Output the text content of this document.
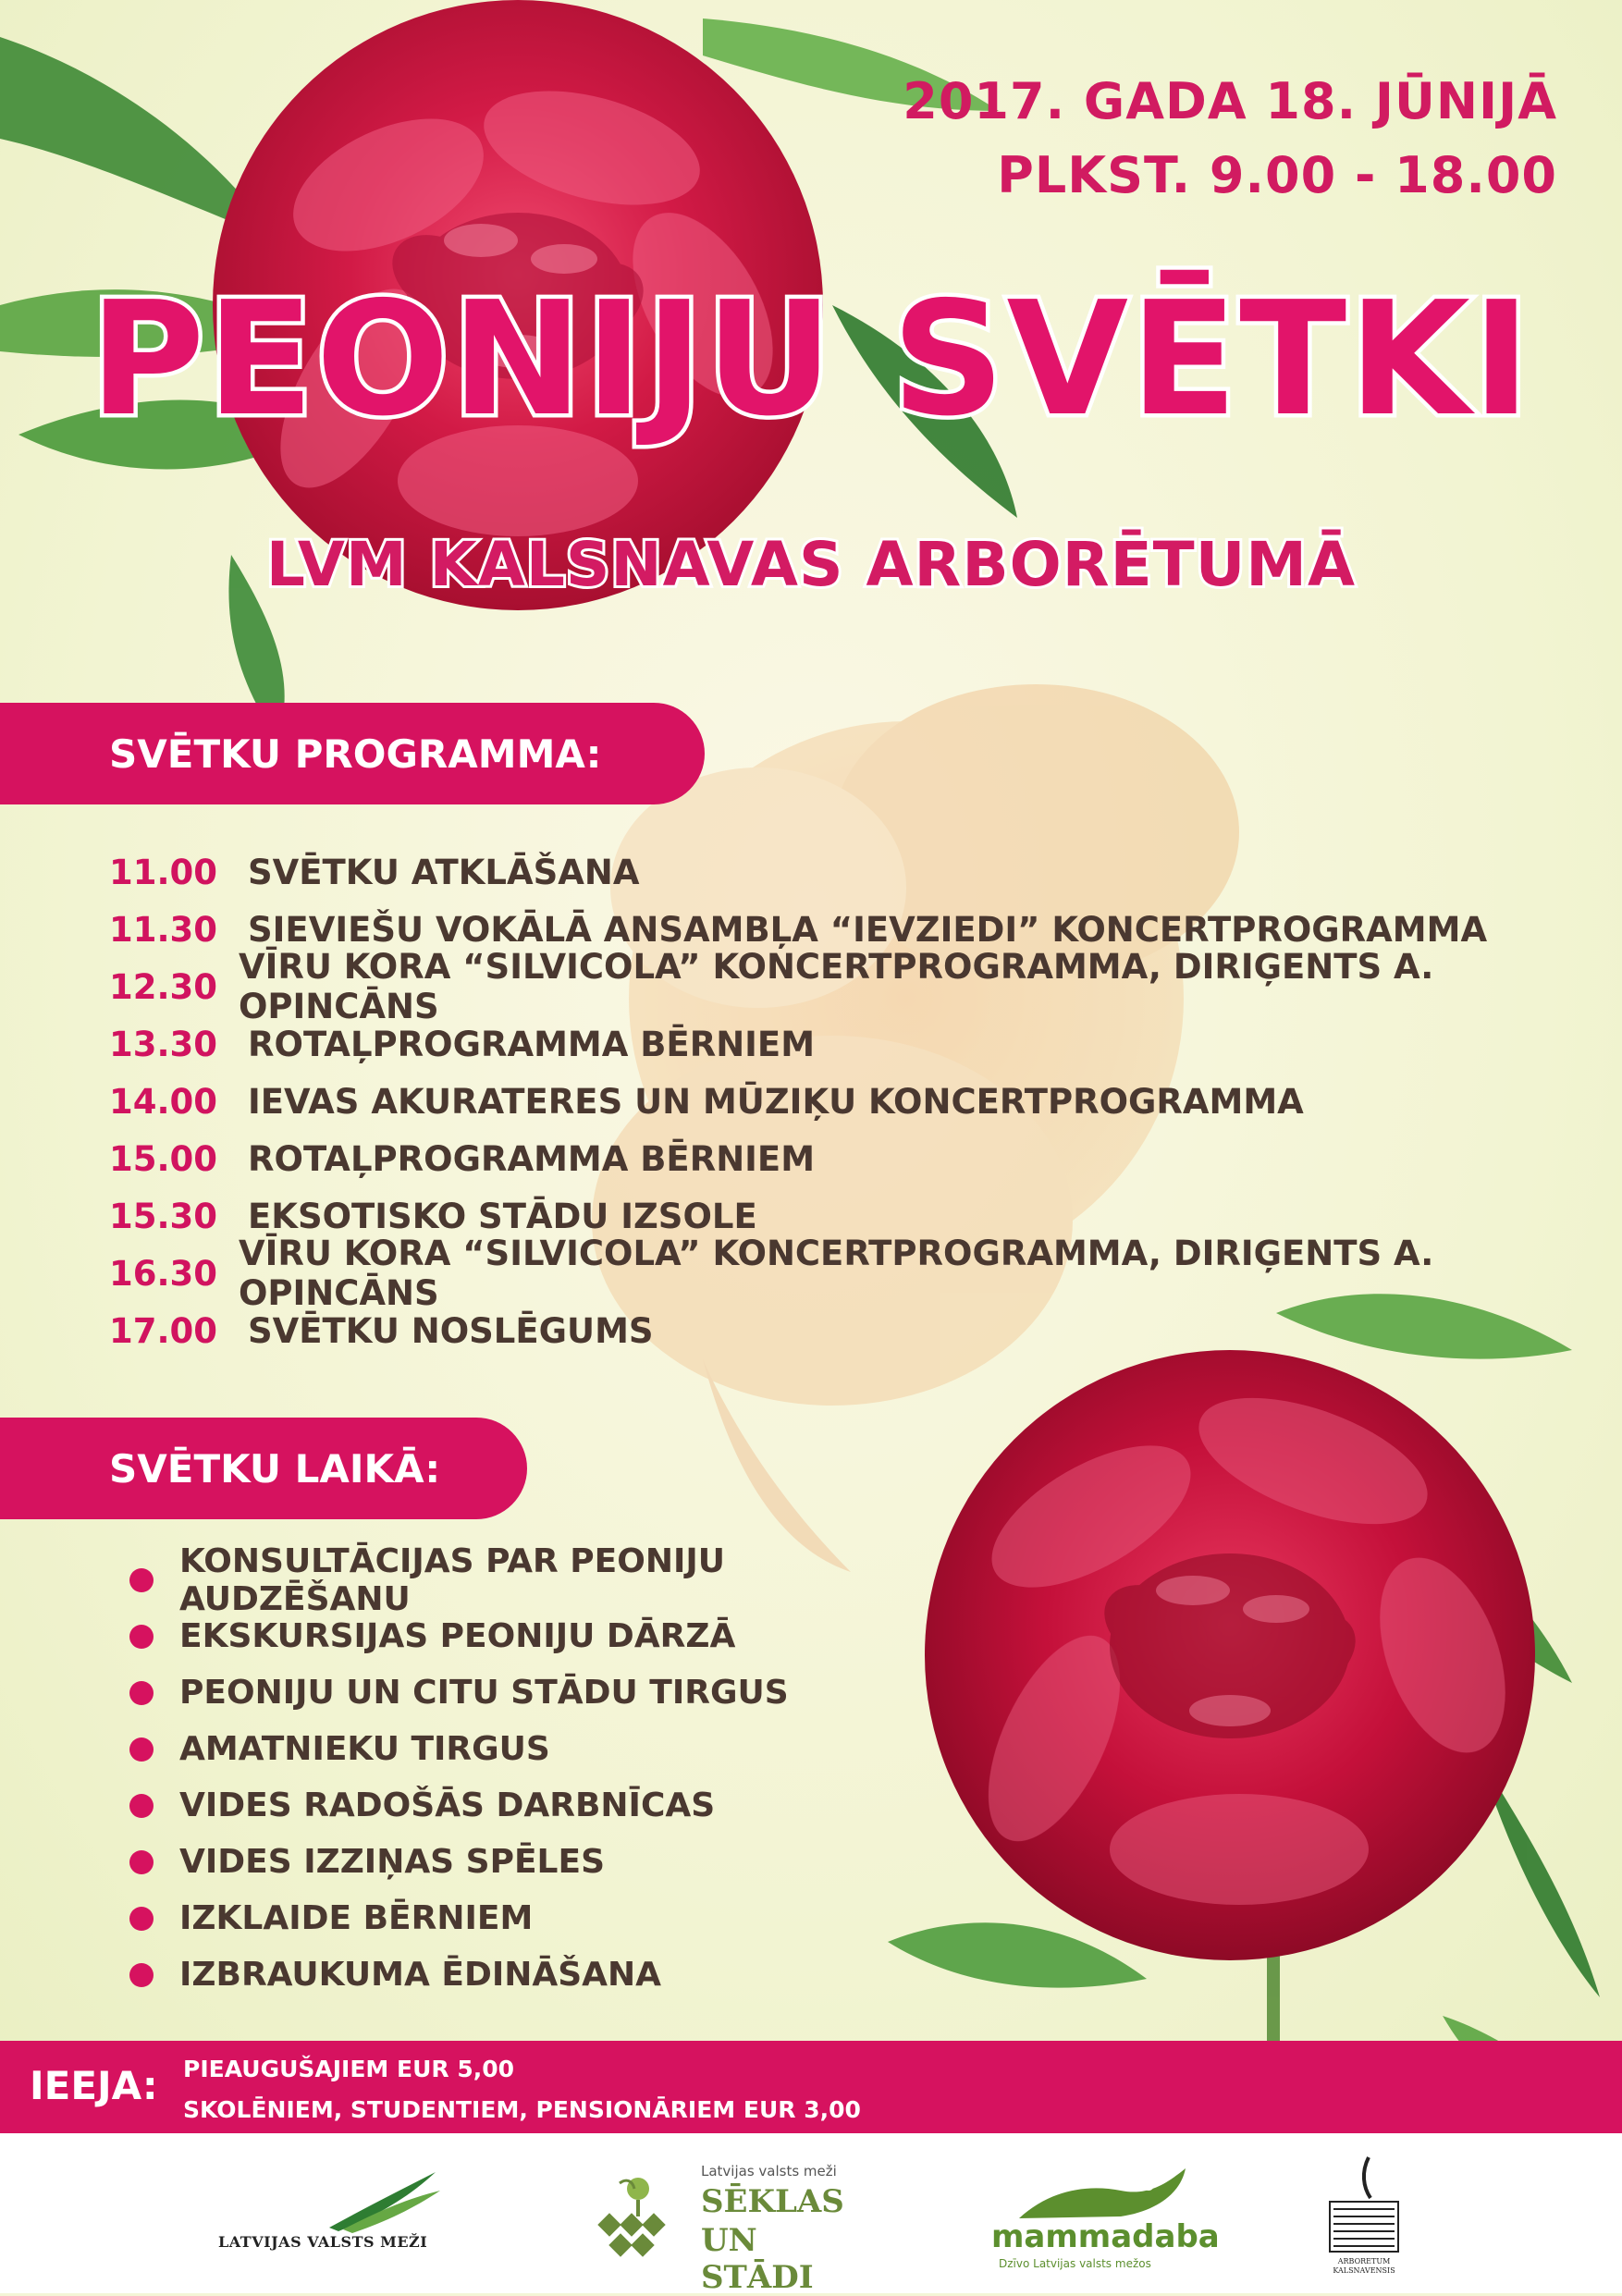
2017. GADA 18. JŪNIJĀ
PLKST. 9.00 - 18.00
PEONIJU SVĒTKI
LVM KALSNAVAS ARBORĒTUMĀ
SVĒTKU PROGRAMMA:
11.00 SVĒTKU ATKLĀŠANA
11.30 SIEVIEŠU VOKĀLĀ ANSAMBĻA “IEVZIEDI” KONCERTPROGRAMMA
12.30 VĪRU KORA “SILVICOLA” KONCERTPROGRAMMA, DIRIĢENTS A. OPINCĀNS
13.30 ROTAĻPROGRAMMA BĒRNIEM
14.00 IEVAS AKURATERES UN MŪZIĶU KONCERTPROGRAMMA
15.00 ROTAĻPROGRAMMA BĒRNIEM
15.30 EKSOTISKO STĀDU IZSOLE
16.30 VĪRU KORA “SILVICOLA” KONCERTPROGRAMMA, DIRIĢENTS A. OPINCĀNS
17.00 SVĒTKU NOSLĒGUMS
SVĒTKU LAIKĀ:
KONSULTĀCIJAS PAR PEONIJU AUDZĒŠANU
EKSKURSIJAS PEONIJU DĀRZĀ
PEONIJU UN CITU STĀDU TIRGUS
AMATNIEKU TIRGUS
VIDES RADOŠĀS DARBNĪCAS
VIDES IZZIŅAS SPĒLES
IZKLAIDE BĒRNIEM
IZBRAUKUMA ĒDINĀŠANA
IEEJA: PIEAUGUŠAJIEM EUR 5,00
SKOLĒNIEM, STUDENTIEM, PENSIONĀRIEM EUR 3,00
LATVIJAS VALSTS MEŽI
Latvijas valsts meži
SĒKLAS
UN STĀDI
mammadaba
Dzīvo Latvijas valsts mežos	ARBORETUM
KALSNAVENSIS
